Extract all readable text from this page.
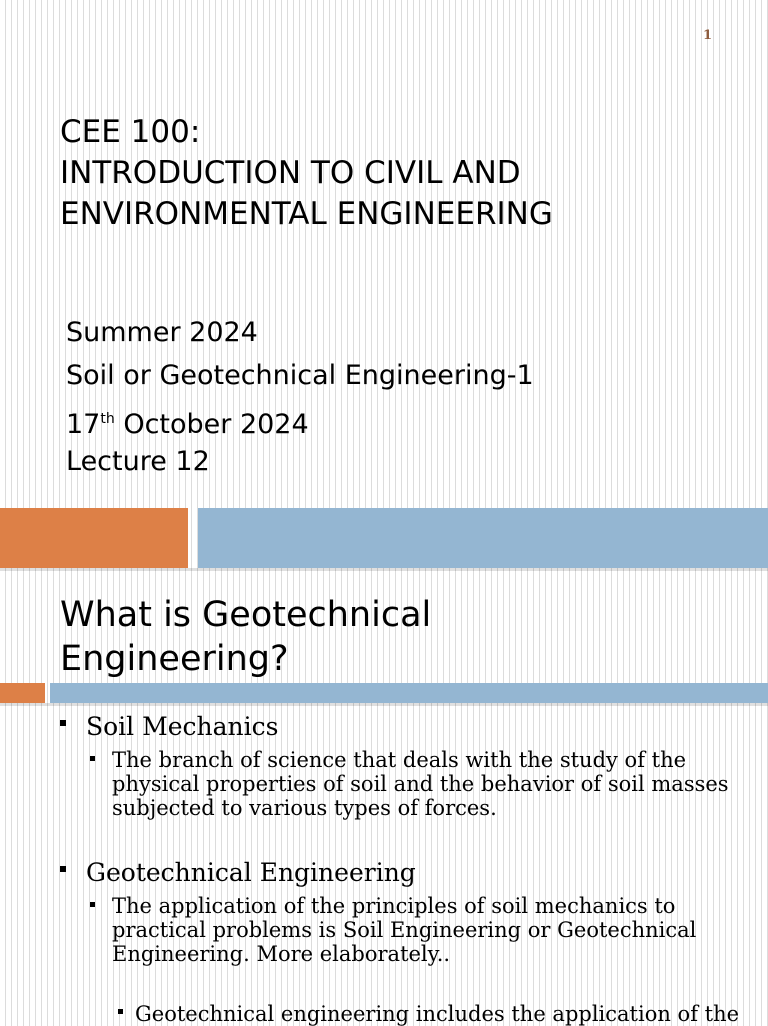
1
CEE 100:
INTRODUCTION TO CIVIL AND
ENVIRONMENTAL ENGINEERING
Summer 2024
Soil or Geotechnical Engineering-1
17th October 2024
Lecture 12
What is Geotechnical
Engineering?
Soil Mechanics
The branch of science that deals with the study of the physical properties of soil and the behavior of soil masses subjected to various types of forces.
Geotechnical Engineering
The application of the principles of soil mechanics to practical problems is Soil Engineering or Geotechnical Engineering. More elaborately..
Geotechnical engineering includes the application of the
